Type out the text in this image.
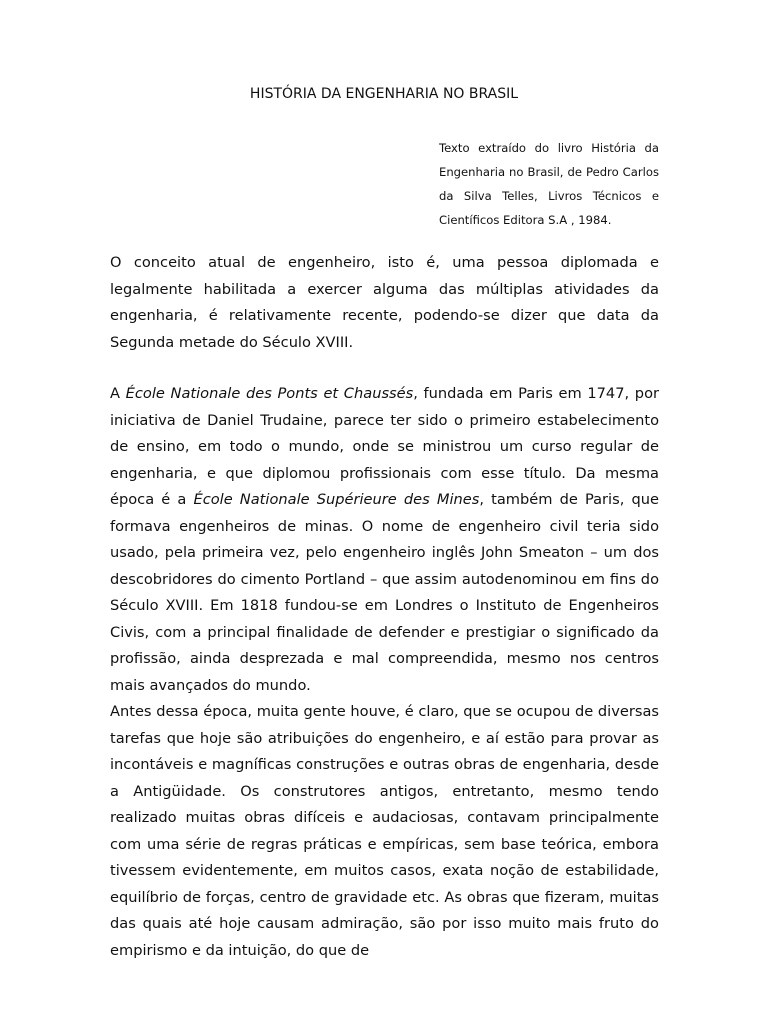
HISTÓRIA DA ENGENHARIA NO BRASIL
Texto extraído do livro História da Engenharia no Brasil, de Pedro Carlos da Silva Telles, Livros Técnicos e Científicos Editora S.A , 1984.

O conceito atual de engenheiro, isto é, uma pessoa diplomada e legalmente habilitada a exercer alguma das múltiplas atividades da engenharia, é relativamente recente, podendo-se dizer que data da Segunda metade do Século XVIII.

A École Nationale des Ponts et Chaussés, fundada em Paris em 1747, por iniciativa de Daniel Trudaine, parece ter sido o primeiro estabelecimento de ensino, em todo o mundo, onde se ministrou um curso regular de engenharia, e que diplomou profissionais com esse título. Da mesma época é a École Nationale Supérieure des Mines, também de Paris, que formava engenheiros de minas. O nome de engenheiro civil teria sido usado, pela primeira vez, pelo engenheiro inglês John Smeaton – um dos descobridores do cimento Portland – que assim autodenominou em fins do Século XVIII. Em 1818 fundou-se em Londres o Instituto de Engenheiros Civis, com a principal finalidade de defender e prestigiar o significado da profissão, ainda desprezada e mal compreendida, mesmo nos centros mais avançados do mundo.

Antes dessa época, muita gente houve, é claro, que se ocupou de diversas tarefas que hoje são atribuições do engenheiro, e aí estão para provar as incontáveis e magníficas construções e outras obras de engenharia, desde a Antigüidade. Os construtores antigos, entretanto, mesmo tendo realizado muitas obras difíceis e audaciosas, contavam principalmente com uma série de regras práticas e empíricas, sem base teórica, embora tivessem evidentemente, em muitos casos, exata noção de estabilidade, equilíbrio de forças, centro de gravidade etc. As obras que fizeram, muitas das quais até hoje causam admiração, são por isso muito mais fruto do empirismo e da intuição, do que de
